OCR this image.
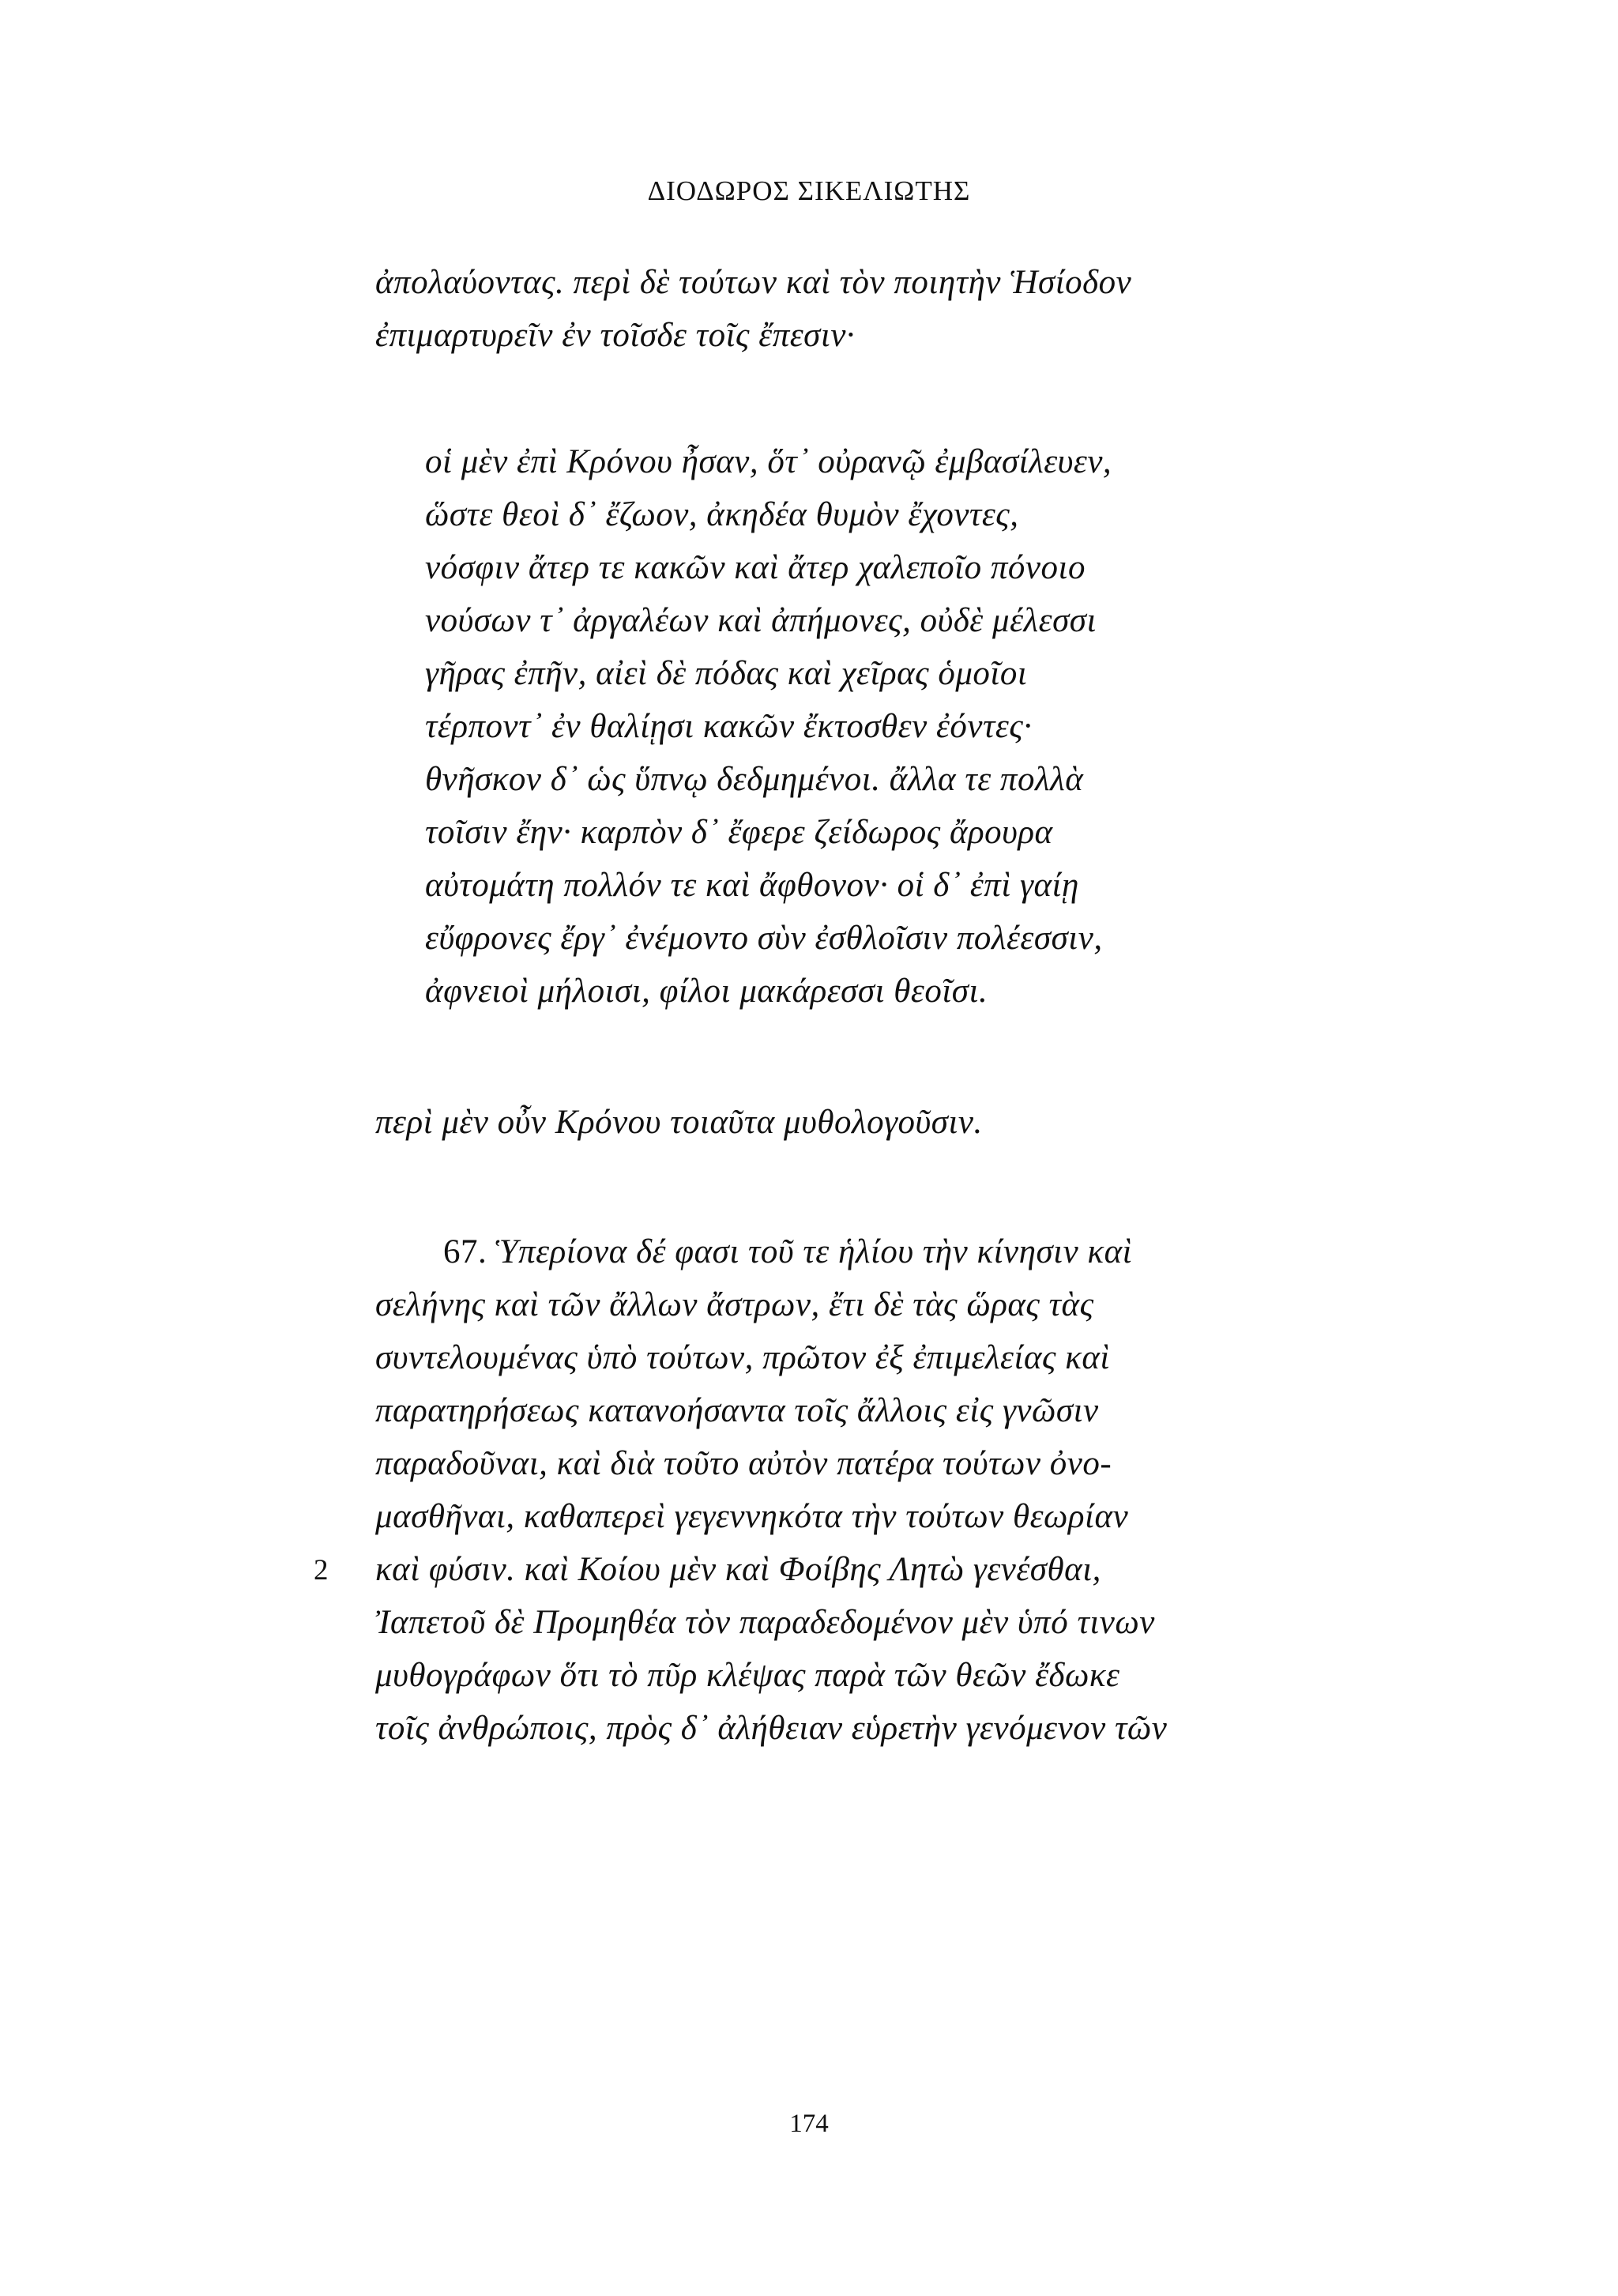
ΔΙΟΔΩΡΟΣ ΣΙΚΕΛΙΩΤΗΣ
ἀπολαύοντας. περὶ δὲ τούτων καὶ τὸν ποιητὴν Ἡσίοδον
ἐπιμαρτυρεῖν ἐν τοῖσδε τοῖς ἔπεσιν·
οἱ μὲν ἐπὶ Κρόνου ἦσαν, ὅτ᾽ οὐρανῷ ἐμβασίλευεν,
ὥστε θεοὶ δ᾽ ἔζωον, ἀκηδέα θυμὸν ἔχοντες,
νόσφιν ἄτερ τε κακῶν καὶ ἄτερ χαλεποῖο πόνοιο
νούσων τ᾽ ἀργαλέων καὶ ἀπήμονες, οὐδὲ μέλεσσι
γῆρας ἐπῆν, αἰεὶ δὲ πόδας καὶ χεῖρας ὁμοῖοι
τέρποντ᾽ ἐν θαλίῃσι κακῶν ἔκτοσθεν ἐόντες·
θνῆσκον δ᾽ ὡς ὕπνῳ δεδμημένοι. ἄλλα τε πολλὰ
τοῖσιν ἔην· καρπὸν δ᾽ ἔφερε ζείδωρος ἄρουρα
αὐτομάτη πολλόν τε καὶ ἄφθονον· οἱ δ᾽ ἐπὶ γαίῃ
εὔφρονες ἔργ᾽ ἐνέμοντο σὺν ἐσθλοῖσιν πολέεσσιν,
ἀφνειοὶ μήλοισι, φίλοι μακάρεσσι θεοῖσι.
περὶ μὲν οὖν Κρόνου τοιαῦτα μυθολογοῦσιν.
67. Ὑπερίονα δέ φασι τοῦ τε ἡλίου τὴν κίνησιν καὶ
σελήνης καὶ τῶν ἄλλων ἄστρων, ἔτι δὲ τὰς ὥρας τὰς
συντελουμένας ὑπὸ τούτων, πρῶτον ἐξ ἐπιμελείας καὶ
παρατηρήσεως κατανοήσαντα τοῖς ἄλλοις εἰς γνῶσιν
παραδοῦναι, καὶ διὰ τοῦτο αὐτὸν πατέρα τούτων ὀνο-
μασθῆναι, καθαπερεὶ γεγεννηκότα τὴν τούτων θεωρίαν
2 καὶ φύσιν. καὶ Κοίου μὲν καὶ Φοίβης Λητὼ γενέσθαι,
Ἰαπετοῦ δὲ Προμηθέα τὸν παραδεδομένον μὲν ὑπό τινων
μυθογράφων ὅτι τὸ πῦρ κλέψας παρὰ τῶν θεῶν ἔδωκε
τοῖς ἀνθρώποις, πρὸς δ᾽ ἀλήθειαν εὑρετὴν γενόμενον τῶν
174
